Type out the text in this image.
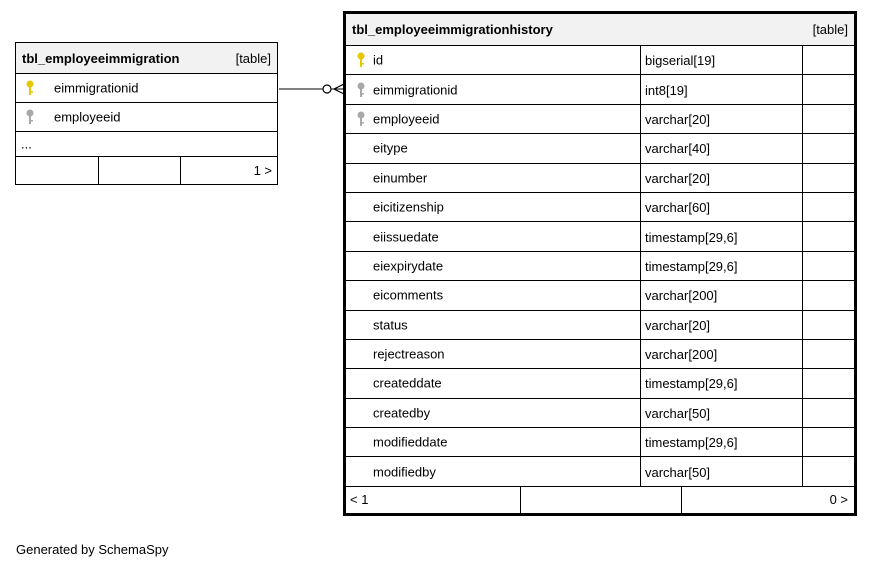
tbl_employeeimmigration	[table]
eimmigrationid
employeeid
...
1 >
tbl_employeeimmigrationhistory	[table]
id	bigserial[19]
eimmigrationid	int8[19]
employeeid	varchar[20]
eitype	varchar[40]
einumber	varchar[20]
eicitizenship	varchar[60]
eiissuedate	timestamp[29,6]
eiexpirydate	timestamp[29,6]
eicomments	varchar[200]
status	varchar[20]
rejectreason	varchar[200]
createddate	timestamp[29,6]
createdby	varchar[50]
modifieddate	timestamp[29,6]
modifiedby	varchar[50]
< 1	0 >
Generated by SchemaSpy
